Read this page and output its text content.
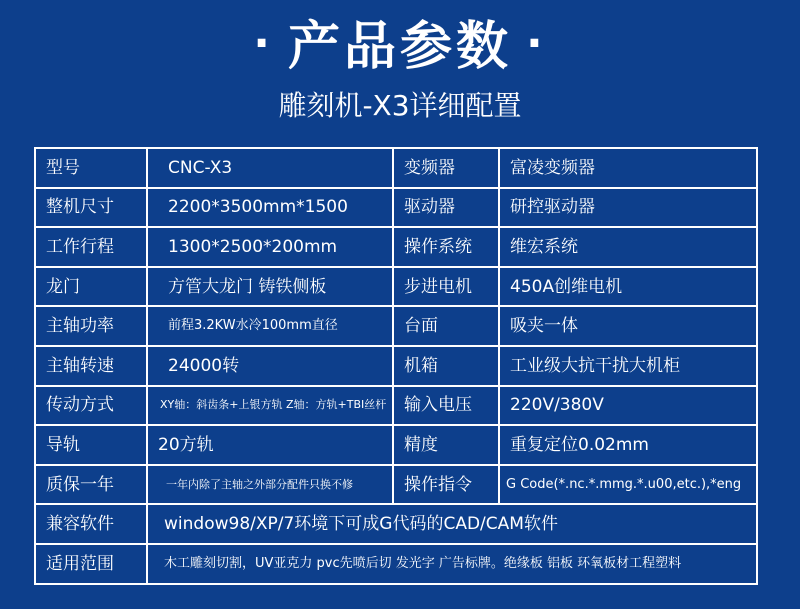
· 产品参数 ·
雕刻机-X3详细配置
型号	CNC-X3	变频器	富凌变频器
整机尺寸	2200*3500mm*1500	驱动器	研控驱动器
工作行程	1300*2500*200mm	操作系统	维宏系统
龙门	方管大龙门 铸铁侧板	步进电机	450A创维电机
主轴功率	前程3.2KW水冷100mm直径	台面	吸夹一体
主轴转速	24000转	机箱	工业级大抗干扰大机柜
传动方式	XY轴：斜齿条+上银方轨 Z轴：方轨+TBI丝杆	输入电压	220V/380V
导轨	20方轨	精度	重复定位0.02mm
质保一年	一年内除了主轴之外部分配件只换不修	操作指令	G Code(*.nc.*.mmg.*.u00,etc.),*eng
兼容软件	window98/XP/7环境下可成G代码的CAD/CAM软件		
适用范围	木工雕刻切割，UV亚克力 pvc先喷后切 发光字 广告标牌。绝缘板 铝板 环氧板材工程塑料		
